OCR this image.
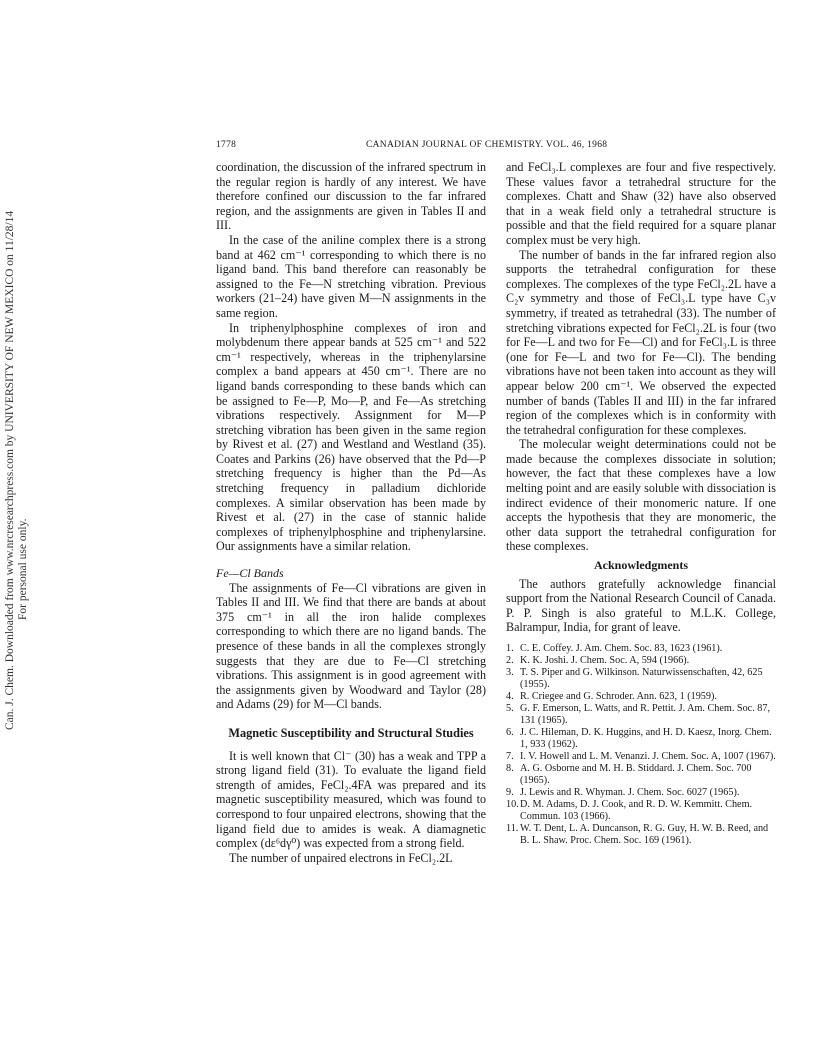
Can. J. Chem. Downloaded from www.nrcresearchpress.com by UNIVERSITY OF NEW MEXICO on 11/28/14 For personal use only.
1778	CANADIAN JOURNAL OF CHEMISTRY. VOL. 46, 1968

coordination, the discussion of the infrared spectrum in the regular region is hardly of any interest. We have therefore confined our discussion to the far infrared region, and the assignments are given in Tables II and III.

In the case of the aniline complex there is a strong band at 462 cm⁻¹ corresponding to which there is no ligand band. This band therefore can reasonably be assigned to the Fe—N stretching vibration. Previous workers (21–24) have given M—N assignments in the same region.

In triphenylphosphine complexes of iron and molybdenum there appear bands at 525 cm⁻¹ and 522 cm⁻¹ respectively, whereas in the triphenylarsine complex a band appears at 450 cm⁻¹. There are no ligand bands corresponding to these bands which can be assigned to Fe—P, Mo—P, and Fe—As stretching vibrations respectively. Assignment for M—P stretching vibration has been given in the same region by Rivest et al. (27) and Westland and Westland (35). Coates and Parkins (26) have observed that the Pd—P stretching frequency is higher than the Pd—As stretching frequency in palladium dichloride complexes. A similar observation has been made by Rivest et al. (27) in the case of stannic halide complexes of triphenylphosphine and triphenylarsine. Our assignments have a similar relation.

Fe—Cl Bands

The assignments of Fe—Cl vibrations are given in Tables II and III. We find that there are bands at about 375 cm⁻¹ in all the iron halide complexes corresponding to which there are no ligand bands. The presence of these bands in all the complexes strongly suggests that they are due to Fe—Cl stretching vibrations. This assignment is in good agreement with the assignments given by Woodward and Taylor (28) and Adams (29) for M—Cl bands.

Magnetic Susceptibility and Structural Studies

It is well known that Cl⁻ (30) has a weak and TPP a strong ligand field (31). To evaluate the ligand field strength of amides, FeCl₂.4FA was prepared and its magnetic susceptibility measured, which was found to correspond to four unpaired electrons, showing that the ligand field due to amides is weak. A diamagnetic complex (dε⁶dγ⁰) was expected from a strong field.

The number of unpaired electrons in FeCl₂.2L

and FeCl₃.L complexes are four and five respectively. These values favor a tetrahedral structure for the complexes. Chatt and Shaw (32) have also observed that in a weak field only a tetrahedral structure is possible and that the field required for a square planar complex must be very high.

The number of bands in the far infrared region also supports the tetrahedral configuration for these complexes. The complexes of the type FeCl₂.2L have a C₂v symmetry and those of FeCl₃.L type have C₃v symmetry, if treated as tetrahedral (33). The number of stretching vibrations expected for FeCl₂.2L is four (two for Fe—L and two for Fe—Cl) and for FeCl₃.L is three (one for Fe—L and two for Fe—Cl). The bending vibrations have not been taken into account as they will appear below 200 cm⁻¹. We observed the expected number of bands (Tables II and III) in the far infrared region of the complexes which is in conformity with the tetrahedral configuration for these complexes.

The molecular weight determinations could not be made because the complexes dissociate in solution; however, the fact that these complexes have a low melting point and are easily soluble with dissociation is indirect evidence of their monomeric nature. If one accepts the hypothesis that they are monomeric, the other data support the tetrahedral configuration for these complexes.

Acknowledgments

The authors gratefully acknowledge financial support from the National Research Council of Canada. P. P. Singh is also grateful to M.L.K. College, Balrampur, India, for grant of leave.

1. C. E. Coffey. J. Am. Chem. Soc. 83, 1623 (1961).
2. K. K. Joshi. J. Chem. Soc. A, 594 (1966).
3. T. S. Piper and G. Wilkinson. Naturwissenschaften, 42, 625 (1955).
4. R. Criegee and G. Schroder. Ann. 623, 1 (1959).
5. G. F. Emerson, L. Watts, and R. Pettit. J. Am. Chem. Soc. 87, 131 (1965).
6. J. C. Hileman, D. K. Huggins, and H. D. Kaesz, Inorg. Chem. 1, 933 (1962).
7. I. V. Howell and L. M. Venanzi. J. Chem. Soc. A, 1007 (1967).
8. A. G. Osborne and M. H. B. Stiddard. J. Chem. Soc. 700 (1965).
9. J. Lewis and R. Whyman. J. Chem. Soc. 6027 (1965).
10. D. M. Adams, D. J. Cook, and R. D. W. Kemmitt. Chem. Commun. 103 (1966).
11. W. T. Dent, L. A. Duncanson, R. G. Guy, H. W. B. Reed, and B. L. Shaw. Proc. Chem. Soc. 169 (1961).
